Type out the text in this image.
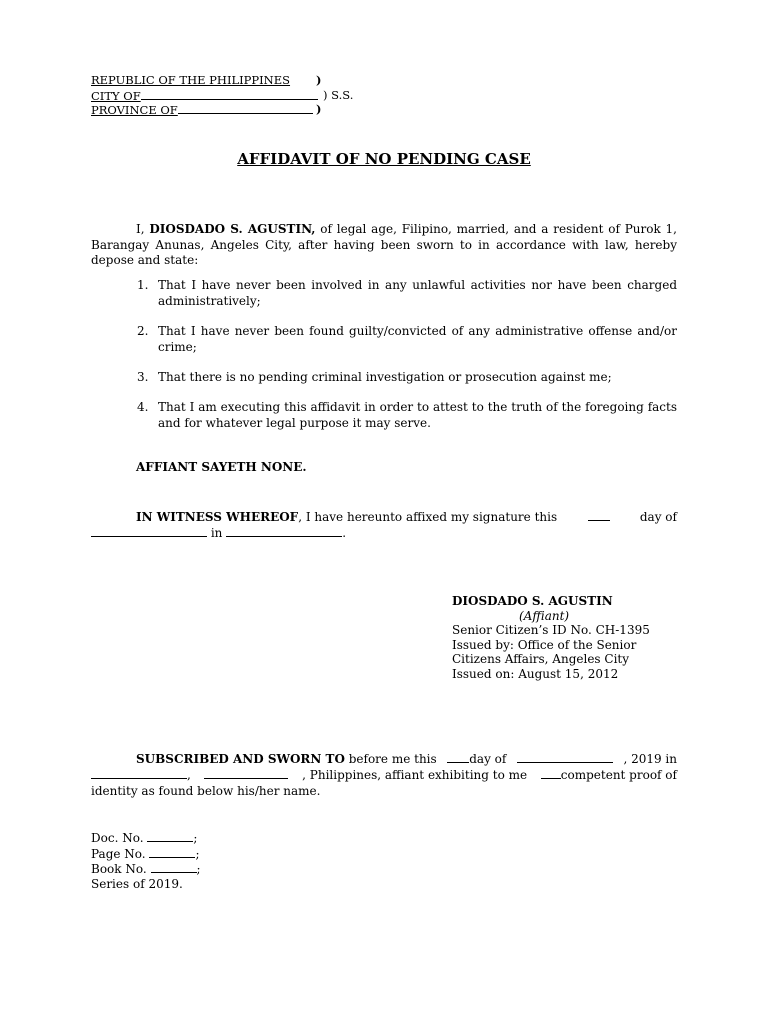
REPUBLIC OF THE PHILIPPINES )
CITY OF	) S.S.
PROVINCE OF	)
AFFIDAVIT OF NO PENDING CASE
I, DIOSDADO S. AGUSTIN, of legal age, Filipino, married, and a resident of Purok 1, Barangay Anunas, Angeles City, after having been sworn to in accordance with law, hereby depose and state:
1. That I have never been involved in any unlawful activities nor have been charged administratively;
2. That I have never been found guilty/convicted of any administrative offense and/or crime;
3. That there is no pending criminal investigation or prosecution against me;
4. That I am executing this affidavit in order to attest to the truth of the foregoing facts and for whatever legal purpose it may serve.
AFFIANT SAYETH NONE.
IN WITNESS WHEREOF, I have hereunto affixed my signature this	day of
in	.
DIOSDADO S. AGUSTIN
(Affiant)
Senior Citizen’s ID No. CH-1395
Issued by: Office of the Senior
Citizens Affairs, Angeles City
Issued on: August 15, 2012
SUBSCRIBED AND SWORN TO before me this	day of	, 2019 in
,	, Philippines, affiant exhibiting to me	competent proof of
identity as found below his/her name.
Doc. No.	;
Page No.	;
Book No.	;
Series of 2019.
